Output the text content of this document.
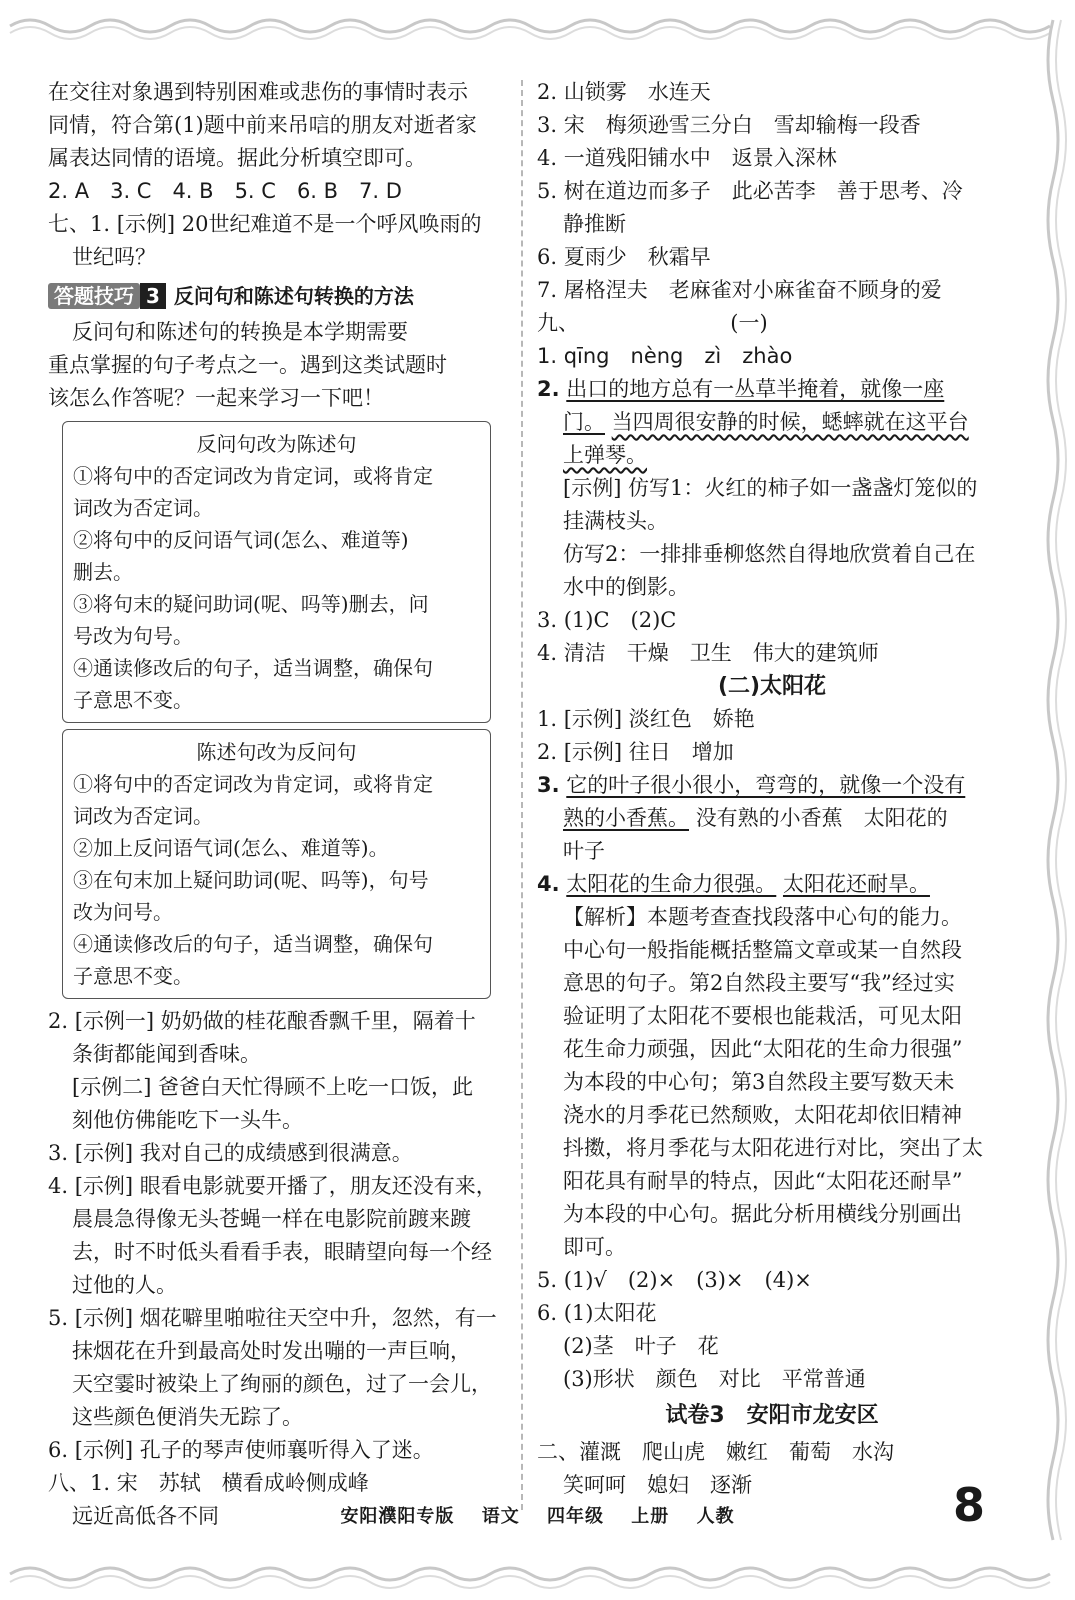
在交往对象遇到特别困难或悲伤的事情时表示
同情，符合第(1)题中前来吊唁的朋友对逝者家
属表达同情的语境。据此分析填空即可。
2. A　3. C　4. B　5. C　6. B　7. D
七、1. [示例] 20世纪难道不是一个呼风唤雨的
世纪吗？
答题技巧 3 反问句和陈述句转换的方法
反问句和陈述句的转换是本学期需要
重点掌握的句子考点之一。遇到这类试题时
该怎么作答呢？一起来学习一下吧！
反问句改为陈述句
①将句中的否定词改为肯定词，或将肯定
词改为否定词。
②将句中的反问语气词(怎么、难道等)
删去。
③将句末的疑问助词(呢、吗等)删去，问
号改为句号。
④通读修改后的句子，适当调整，确保句
子意思不变。
陈述句改为反问句
①将句中的否定词改为肯定词，或将肯定
词改为否定词。
②加上反问语气词(怎么、难道等)。
③在句末加上疑问助词(呢、吗等)，句号
改为问号。
④通读修改后的句子，适当调整，确保句
子意思不变。
2. [示例一] 奶奶做的桂花酿香飘千里，隔着十
条街都能闻到香味。
[示例二] 爸爸白天忙得顾不上吃一口饭，此
刻他仿佛能吃下一头牛。
3. [示例] 我对自己的成绩感到很满意。
4. [示例] 眼看电影就要开播了，朋友还没有来，
晨晨急得像无头苍蝇一样在电影院前踱来踱
去，时不时低头看看手表，眼睛望向每一个经
过他的人。
5. [示例] 烟花噼里啪啦往天空中升，忽然，有一
抹烟花在升到最高处时发出嘣的一声巨响，
天空霎时被染上了绚丽的颜色，过了一会儿，
这些颜色便消失无踪了。
6. [示例] 孔子的琴声使师襄听得入了迷。
八、1. 宋　苏轼　横看成岭侧成峰
远近高低各不同
2. 山锁雾　水连天
3. 宋　梅须逊雪三分白　雪却输梅一段香
4. 一道残阳铺水中　返景入深林
5. 树在道边而多子　此必苦李　善于思考、冷
静推断
6. 夏雨少　秋霜早
7. 屠格涅夫　老麻雀对小麻雀奋不顾身的爱
九、	(一)
1. qīng　nèng　zì　zhào
2. 出口的地方总有一丛草半掩着，就像一座
门。 当四周很安静的时候，蟋蟀就在这平台
上弹琴。
[示例] 仿写1：火红的柿子如一盏盏灯笼似的
挂满枝头。
仿写2：一排排垂柳悠然自得地欣赏着自己在
水中的倒影。
3. (1)C　(2)C
4. 清洁　干燥　卫生　伟大的建筑师
(二)太阳花
1. [示例] 淡红色　娇艳
2. [示例] 往日　增加
3. 它的叶子很小很小，弯弯的，就像一个没有
熟的小香蕉。 没有熟的小香蕉　太阳花的
叶子
4. 太阳花的生命力很强。 太阳花还耐旱。
【解析】本题考查查找段落中心句的能力。
中心句一般指能概括整篇文章或某一自然段
意思的句子。第2自然段主要写“我”经过实
验证明了太阳花不要根也能栽活，可见太阳
花生命力顽强，因此“太阳花的生命力很强”
为本段的中心句；第3自然段主要写数天未
浇水的月季花已然颓败，太阳花却依旧精神
抖擞，将月季花与太阳花进行对比，突出了太
阳花具有耐旱的特点，因此“太阳花还耐旱”
为本段的中心句。据此分析用横线分别画出
即可。
5. (1)√　(2)×　(3)×　(4)×
6. (1)太阳花
(2)茎　叶子　花
(3)形状　颜色　对比　平常普通
试卷3　安阳市龙安区
二、灌溉　爬山虎　嫩红　葡萄　水沟
笑呵呵　媳妇　逐渐
安阳濮阳专版 语文 四年级 上册 人教	8
